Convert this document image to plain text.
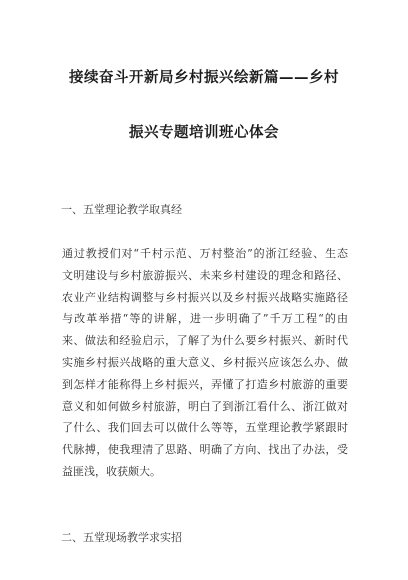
接续奋斗开新局乡村振兴绘新篇——乡村
振兴专题培训班心体会
一、五堂理论教学取真经
通过教授们对“千村示范、万村整治”的浙江经验、生态
文明建设与乡村旅游振兴、未来乡村建设的理念和路径、
农业产业结构调整与乡村振兴以及乡村振兴战略实施路径
与改革举措“等的讲解，进一步明确了”千万工程“的由
来、做法和经验启示，了解了为什么要乡村振兴、新时代
实施乡村振兴战略的重大意义、乡村振兴应该怎么办、做
到怎样才能称得上乡村振兴，弄懂了打造乡村旅游的重要
意义和如何做乡村旅游，明白了到浙江看什么、浙江做对
了什么、我们回去可以做什么等等，五堂理论教学紧跟时
代脉搏，使我理清了思路、明确了方向、找出了办法，受
益匪浅，收获颇大。
二、五堂现场教学求实招
